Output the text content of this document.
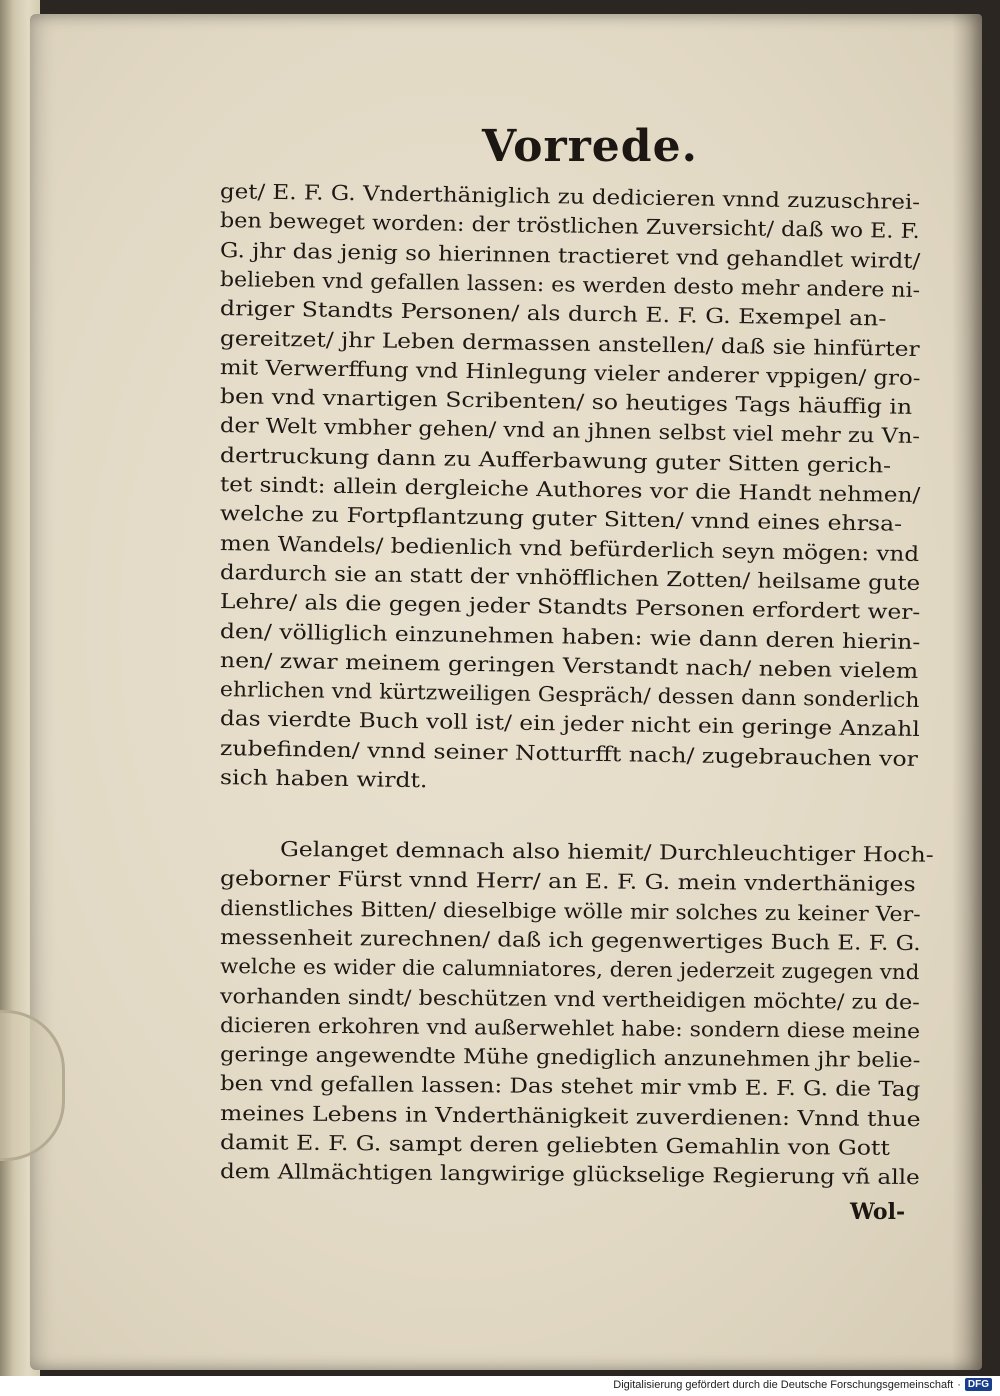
Vorrede.

get/ E. F. G. Vnderthäniglich zu dedicieren vnnd zuzuschrei-

ben beweget worden: der tröstlichen Zuversicht/ daß wo E. F.

G. jhr das jenig so hierinnen tractieret vnd gehandlet wirdt/

belieben vnd gefallen lassen: es werden desto mehr andere ni-

driger Standts Personen/ als durch E. F. G. Exempel an-

gereitzet/ jhr Leben dermassen anstellen/ daß sie hinfürter

mit Verwerffung vnd Hinlegung vieler anderer vppigen/ gro-

ben vnd vnartigen Scribenten/ so heutiges Tags häuffig in

der Welt vmbher gehen/ vnd an jhnen selbst viel mehr zu Vn-

dertruckung dann zu Aufferbawung guter Sitten gerich-

tet sindt: allein dergleiche Authores vor die Handt nehmen/

welche zu Fortpflantzung guter Sitten/ vnnd eines ehrsa-

men Wandels/ bedienlich vnd befürderlich seyn mögen: vnd

dardurch sie an statt der vnhöfflichen Zotten/ heilsame gute

Lehre/ als die gegen jeder Standts Personen erfordert wer-

den/ völliglich einzunehmen haben: wie dann deren hierin-

nen/ zwar meinem geringen Verstandt nach/ neben vielem

ehrlichen vnd kürtzweiligen Gespräch/ dessen dann sonderlich

das vierdte Buch voll ist/ ein jeder nicht ein geringe Anzahl

zubefinden/ vnnd seiner Notturfft nach/ zugebrauchen vor

sich haben wirdt.

Gelanget demnach also hiemit/ Durchleuchtiger Hoch-

geborner Fürst vnnd Herr/ an E. F. G. mein vnderthäniges

dienstliches Bitten/ dieselbige wölle mir solches zu keiner Ver-

messenheit zurechnen/ daß ich gegenwertiges Buch E. F. G.

welche es wider die calumniatores, deren jederzeit zugegen vnd

vorhanden sindt/ beschützen vnd vertheidigen möchte/ zu de-

dicieren erkohren vnd außerwehlet habe: sondern diese meine

geringe angewendte Mühe gnediglich anzunehmen jhr belie-

ben vnd gefallen lassen: Das stehet mir vmb E. F. G. die Tag

meines Lebens in Vnderthänigkeit zuverdienen: Vnnd thue

damit E. F. G. sampt deren geliebten Gemahlin von Gott

dem Allmächtigen langwirige glückselige Regierung vñ alle

Wol-
Digitalisierung gefördert durch die Deutsche Forschungsgemeinschaft · DFG
